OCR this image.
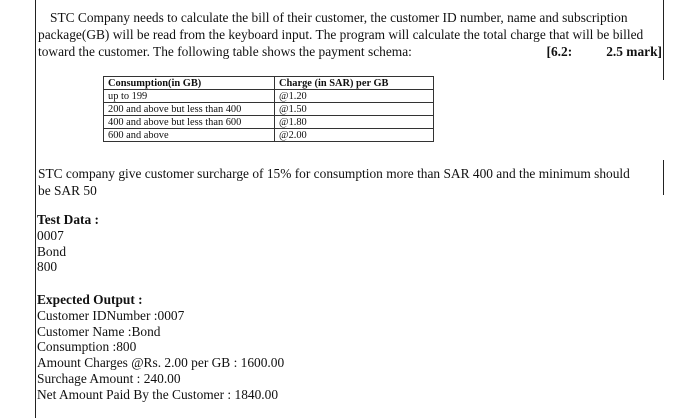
STC Company needs to calculate the bill of their customer, the customer ID number, name and subscription
package(GB) will be read from the keyboard input. The program will calculate the total charge that will be billed
toward the customer. The following table shows the payment schema:	[6.2:	2.5 mark]
Consumption(in GB)	Charge (in SAR) per GB
up to 199	@1.20
200 and above but less than 400	@1.50
400 and above but less than 600	@1.80
600 and above	@2.00
STC company give customer surcharge of 15% for consumption more than SAR 400 and the minimum should
be SAR 50
Test Data :
0007
Bond
800
Expected Output :
Customer IDNumber :0007
Customer Name :Bond
Consumption :800
Amount Charges @Rs. 2.00 per GB : 1600.00
Surchage Amount : 240.00
Net Amount Paid By the Customer : 1840.00
